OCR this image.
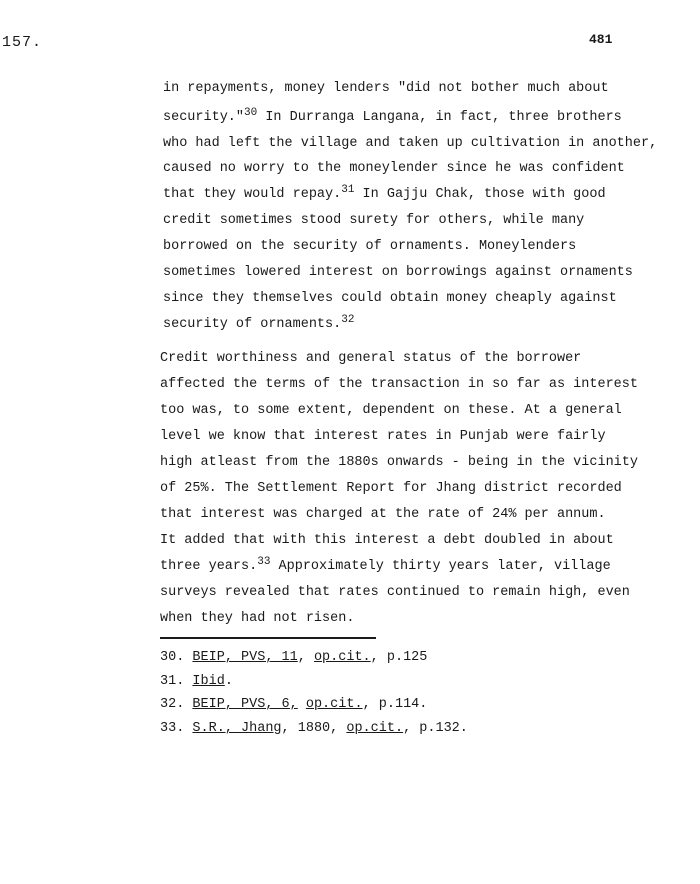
157.	481
in repayments, money lenders "did not bother much about
security."$^{30}$ In Durranga Langana, in fact, three brothers
who had left the village and taken up cultivation in another,
caused no worry to the moneylender since he was confident
that they would repay.$^{31}$ In Gajju Chak, those with good
credit sometimes stood surety for others, while many
borrowed on the security of ornaments. Moneylenders
sometimes lowered interest on borrowings against ornaments
since they themselves could obtain money cheaply against
security of ornaments.$^{32}$
Credit worthiness and general status of the borrower
affected the terms of the transaction in so far as interest
too was, to some extent, dependent on these. At a general
level we know that interest rates in Punjab were fairly
high atleast from the 1880s onwards - being in the vicinity
of 25%. The Settlement Report for Jhang district recorded
that interest was charged at the rate of 24% per annum.
It added that with this interest a debt doubled in about
three years.$^{33}$ Approximately thirty years later, village
surveys revealed that rates continued to remain high, even
when they had not risen.
30. BEIP, PVS, 11, op.cit., p.125
31. Ibid.
32. BEIP, PVS, 6, op.cit., p.114.
33. S.R., Jhang, 1880, op.cit., p.132.
